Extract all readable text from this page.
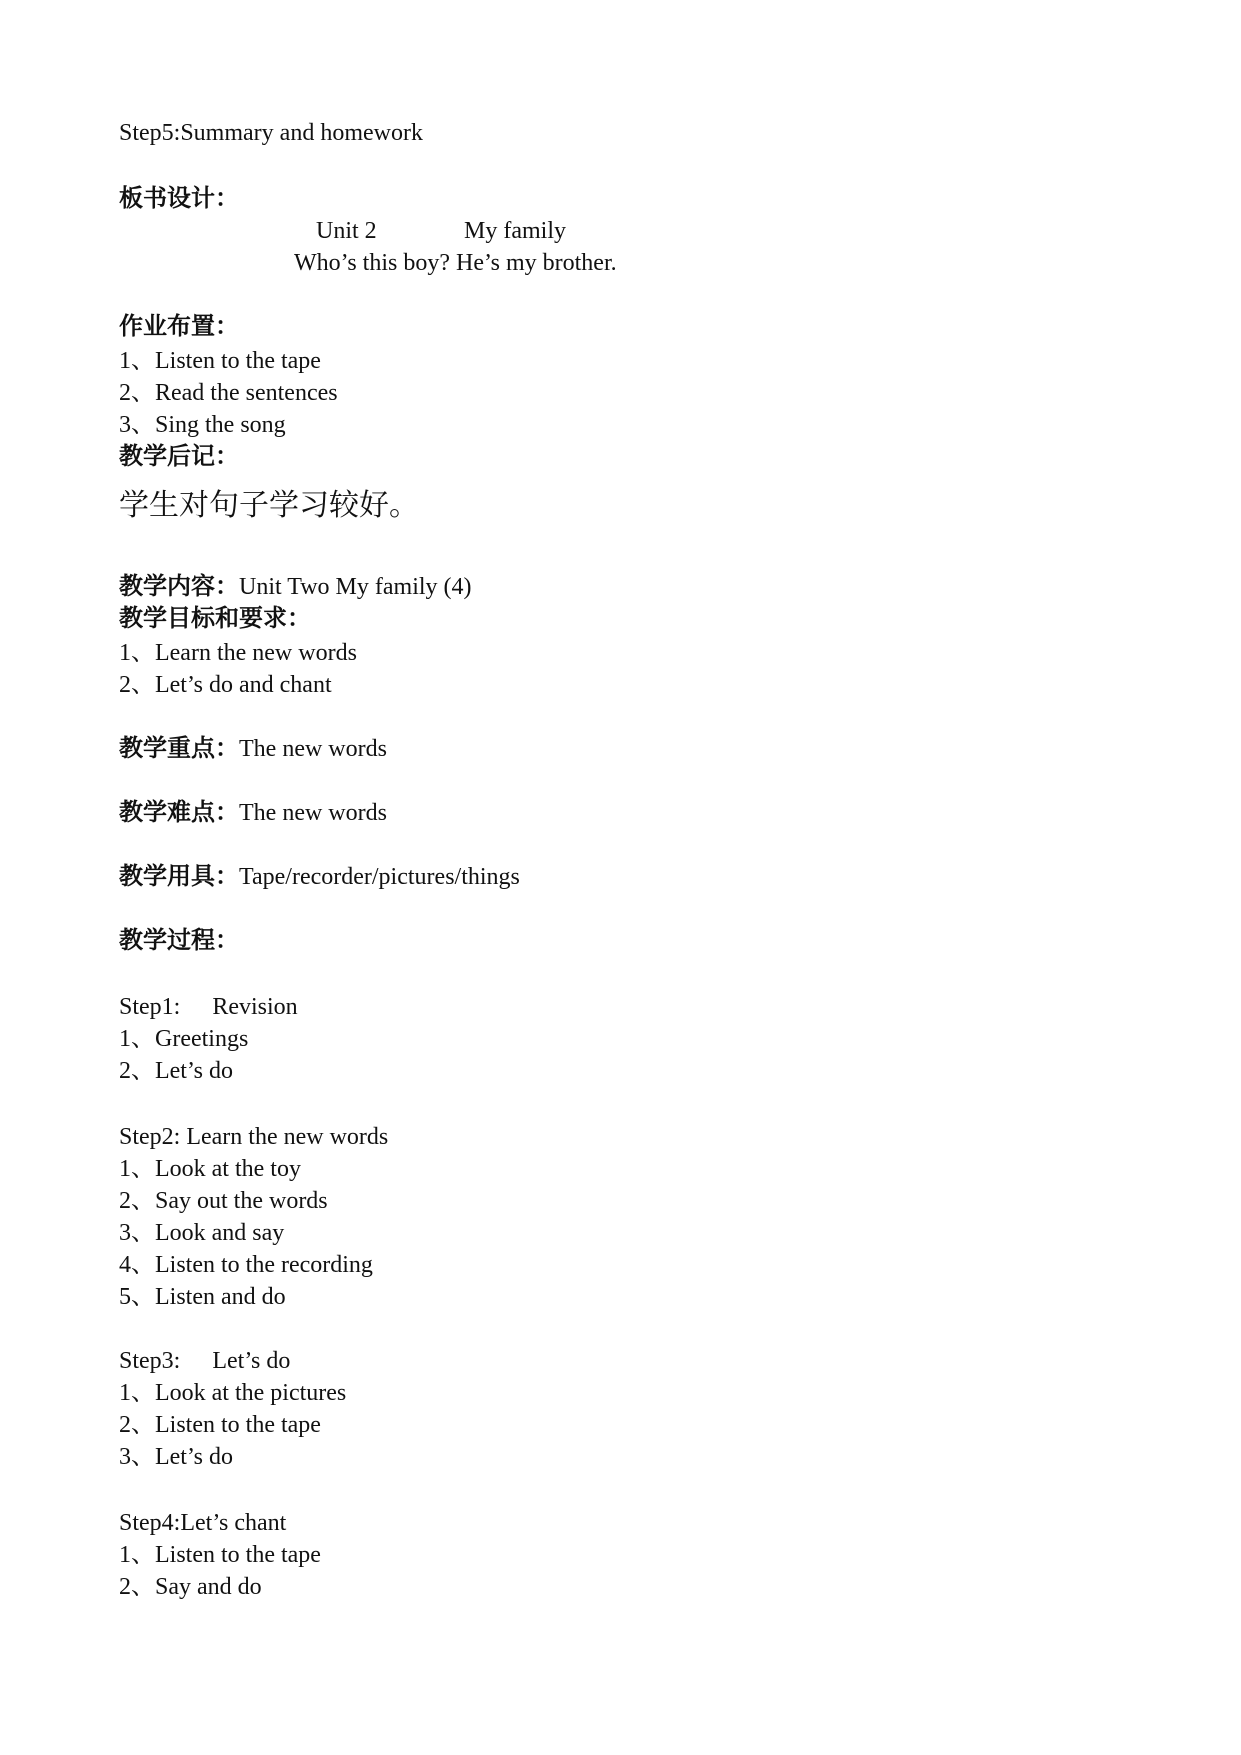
Step5:Summary and homework
板书设计：
Unit 2	My family
Who’s this boy? He’s my brother.
作业布置：
1、Listen to the tape
2、Read the sentences
3、Sing the song
教学后记：
学生对句子学习较好。
教学内容：Unit Two My family (4)
教学目标和要求：
1、Learn the new words
2、Let’s do and chant
教学重点：The new words
教学难点：The new words
教学用具：Tape/recorder/pictures/things
教学过程：
Step1: Revision
1、Greetings
2、Let’s do
Step2: Learn the new words
1、Look at the toy
2、Say out the words
3、Look and say
4、Listen to the recording
5、Listen and do
Step3: Let’s do
1、Look at the pictures
2、Listen to the tape
3、Let’s do
Step4:Let’s chant
1、Listen to the tape
2、Say and do
